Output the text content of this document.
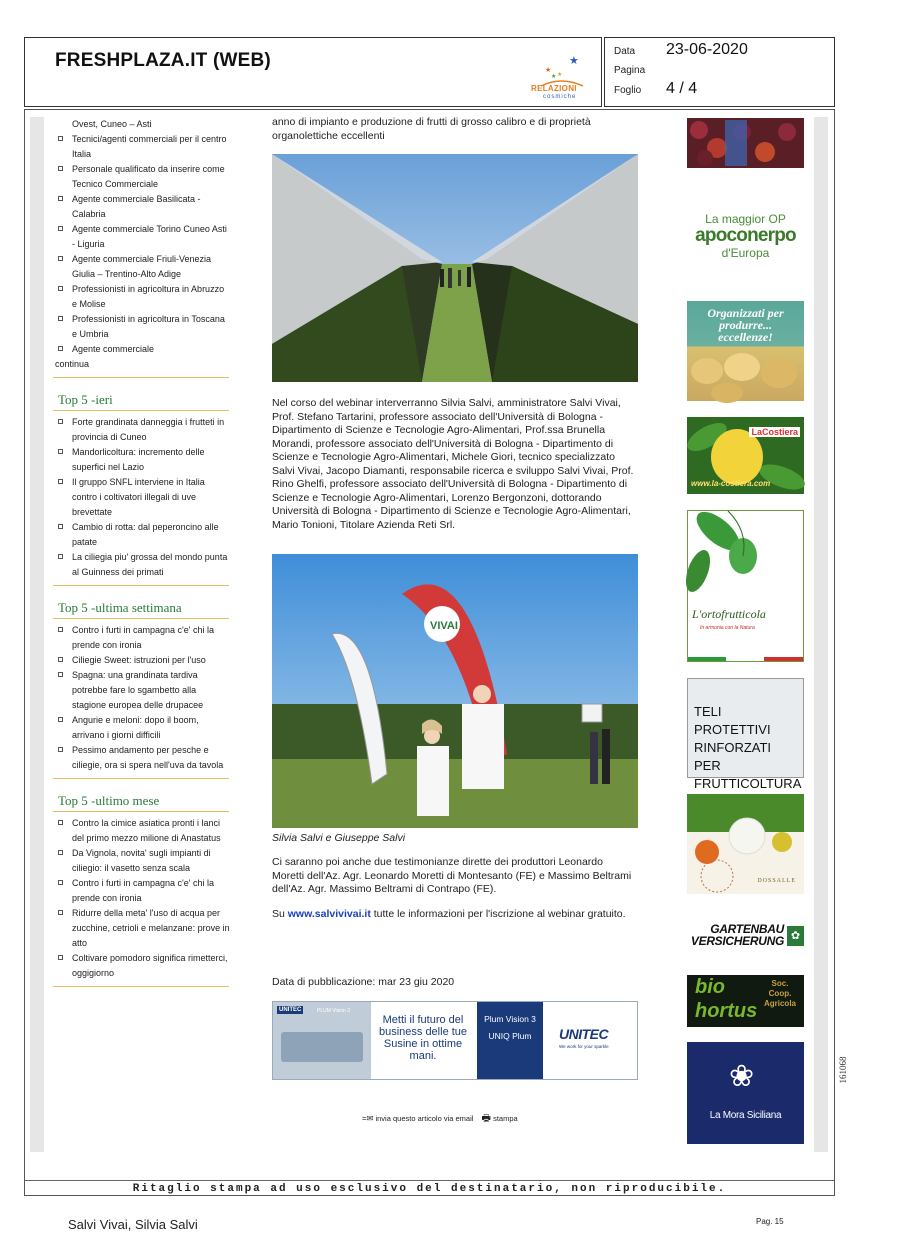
FRESHPLAZA.IT (WEB)	★
★
★ ★
RELAZIONI
cosmiche
Data 23-06-2020
Pagina
Foglio 4 / 4
Ovest, Cuneo – Asti
Tecnici/agenti commerciali per il centro Italia
Personale qualificato da inserire come Tecnico Commerciale
Agente commerciale Basilicata - Calabria
Agente commerciale Torino Cuneo Asti - Liguria
Agente commerciale Friuli-Venezia Giulia – Trentino-Alto Adige
Professionisti in agricoltura in Abruzzo e Molise
Professionisti in agricoltura in Toscana e Umbria
Agente commerciale
continua
Top 5 -ieri
Forte grandinata danneggia i frutteti in provincia di Cuneo
Mandorlicoltura: incremento delle superfici nel Lazio
Il gruppo SNFL interviene in Italia contro i coltivatori illegali di uve brevettate
Cambio di rotta: dal peperoncino alle patate
La ciliegia piu' grossa del mondo punta al Guinness dei primati
Top 5 -ultima settimana
Contro i furti in campagna c'e' chi la prende con ironia
Ciliegie Sweet: istruzioni per l'uso
Spagna: una grandinata tardiva potrebbe fare lo sgambetto alla stagione europea delle drupacee
Angurie e meloni: dopo il boom, arrivano i giorni difficili
Pessimo andamento per pesche e ciliegie, ora si spera nell'uva da tavola
Top 5 -ultimo mese
Contro la cimice asiatica pronti i lanci del primo mezzo milione di Anastatus
Da Vignola, novita' sugli impianti di ciliegio: il vasetto senza scala
Contro i furti in campagna c'e' chi la prende con ironia
Ridurre della meta' l'uso di acqua per zucchine, cetrioli e melanzane: prove in atto
Coltivare pomodoro significa rimetterci, oggigiorno
anno di impianto e produzione di frutti di grosso calibro e di proprietà organolettiche eccellenti
Nel corso del webinar interverranno Silvia Salvi, amministratore Salvi Vivai, Prof. Stefano Tartarini, professore associato dell'Università di Bologna - Dipartimento di Scienze e Tecnologie Agro-Alimentari, Prof.ssa Brunella Morandi, professore associato dell'Università di Bologna - Dipartimento di Scienze e Tecnologie Agro-Alimentari, Michele Giori, tecnico specializzato Salvi Vivai, Jacopo Diamanti, responsabile ricerca e sviluppo Salvi Vivai, Prof. Rino Ghelfi, professore associato dell'Università di Bologna - Dipartimento di Scienze e Tecnologie Agro-Alimentari, Lorenzo Bergonzoni, dottorando Università di Bologna - Dipartimento di Scienze e Tecnologie Agro-Alimentari, Mario Tonioni, Titolare Azienda Reti Srl.
VIVAI
Silvia Salvi e Giuseppe Salvi
Ci saranno poi anche due testimonianze dirette dei produttori Leonardo Moretti dell'Az. Agr. Leonardo Moretti di Montesanto (FE) e Massimo Beltrami dell'Az. Agr. Massimo Beltrami di Contrapo (FE).
Su www.salvivivai.it tutte le informazioni per l'iscrizione al webinar gratuito.
Data di pubblicazione: mar 23 giu 2020
UNITEC	PLUM Vision 3
Metti il futuro del business delle tue Susine in ottime mani.
Plum Vision 3
UNIQ Plum	UNITEC
We work for your sparkle
=✉ invia questo articolo via email 🖶 stampa
La maggior OP
apoconerpo
d'Europa
Organizzati per produrre... eccellenze!
LaCostiera
www.la-costiera.com
L'ortofrutticola
In armonia con la Natura
TELI PROTETTIVI RINFORZATI PER FRUTTICOLTURA
DOSSALLE
GARTENBAU
VERSICHERUNG ✿
bio hortus
Soc. Coop. Agricola
❀
La Mora Siciliana
161068
Ritaglio stampa ad uso esclusivo del destinatario, non riproducibile.
Salvi Vivai, Silvia Salvi	Pag. 15
